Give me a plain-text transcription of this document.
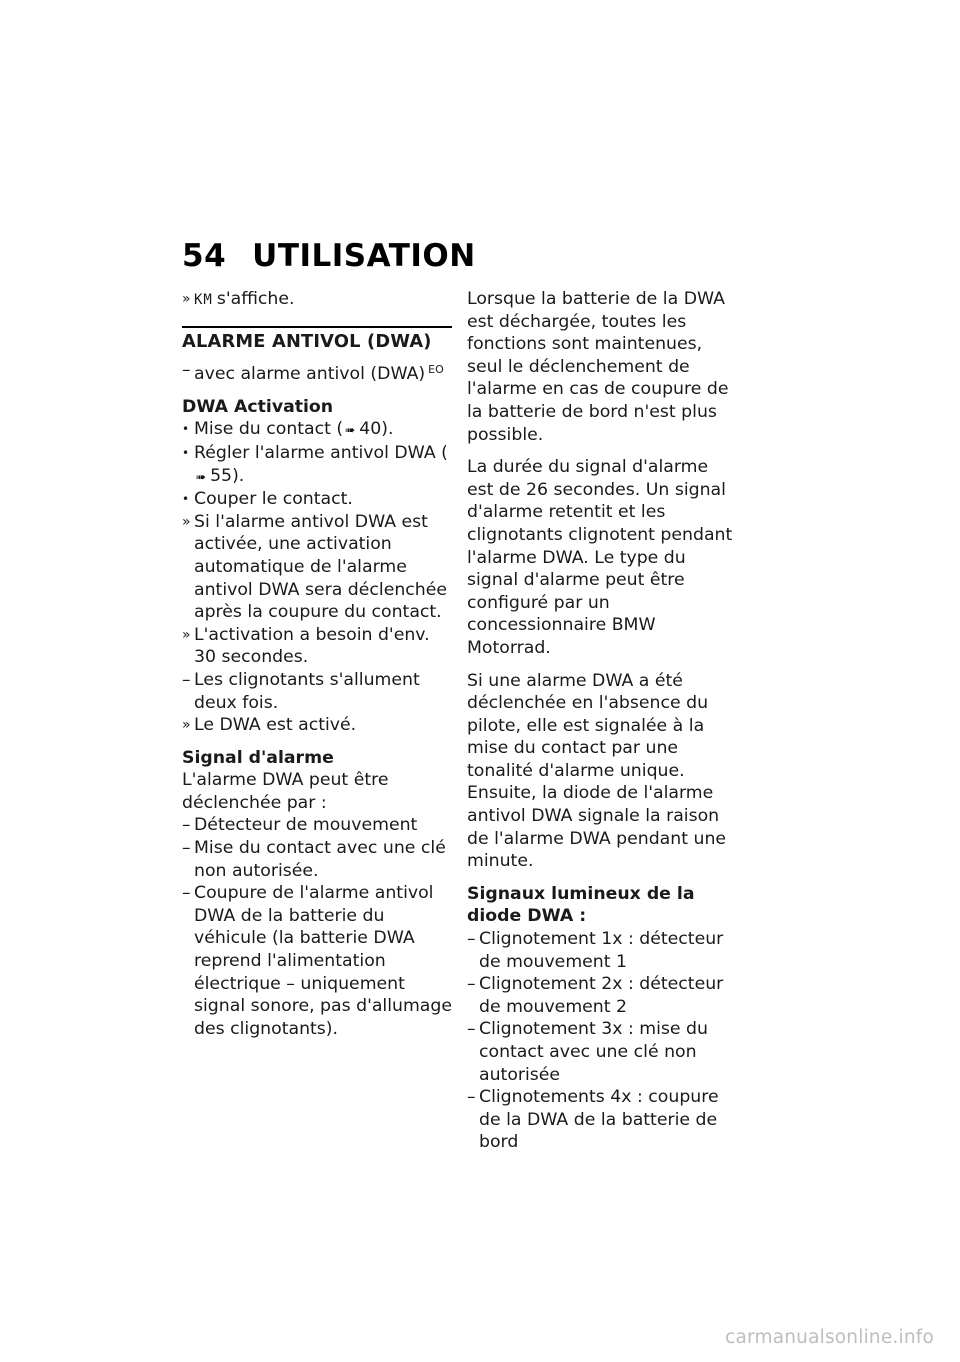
54 UTILISATION
» KM s'affiche.
ALARME ANTIVOL (DWA)
– avec alarme antivol (DWA) $^{EO}$
DWA Activation
• Mise du contact ( ➠ 40).
• Régler l'alarme antivol DWA (➠ 55).
• Couper le contact.
» Si l'alarme antivol DWA est activée, une activation automatique de l'alarme antivol DWA sera déclenchée après la coupure du contact.
» L'activation a besoin d'env. 30 secondes.
– Les clignotants s'allument deux fois.
» Le DWA est activé.
Signal d'alarme
L'alarme DWA peut être déclenchée par :
– Détecteur de mouvement
– Mise du contact avec une clé non autorisée.
– Coupure de l'alarme antivol DWA de la batterie du véhicule (la batterie DWA reprend l'alimentation électrique – uniquement signal sonore, pas d'allumage des clignotants).

Lorsque la batterie de la DWA est déchargée, toutes les fonctions sont maintenues, seul le déclenchement de l'alarme en cas de coupure de la batterie de bord n'est plus possible.

La durée du signal d'alarme est de 26 secondes. Un signal d'alarme retentit et les clignotants clignotent pendant l'alarme DWA. Le type du signal d'alarme peut être configuré par un concessionnaire BMW Motorrad.

Si une alarme DWA a été déclenchée en l'absence du pilote, elle est signalée à la mise du contact par une tonalité d'alarme unique. Ensuite, la diode de l'alarme antivol DWA signale la raison de l'alarme DWA pendant une minute.

Signaux lumineux de la diode DWA :
– Clignotement 1x : détecteur de mouvement 1
– Clignotement 2x : détecteur de mouvement 2
– Clignotement 3x : mise du contact avec une clé non autorisée
– Clignotements 4x : coupure de la DWA de la batterie de bord
carmanualsonline.info
